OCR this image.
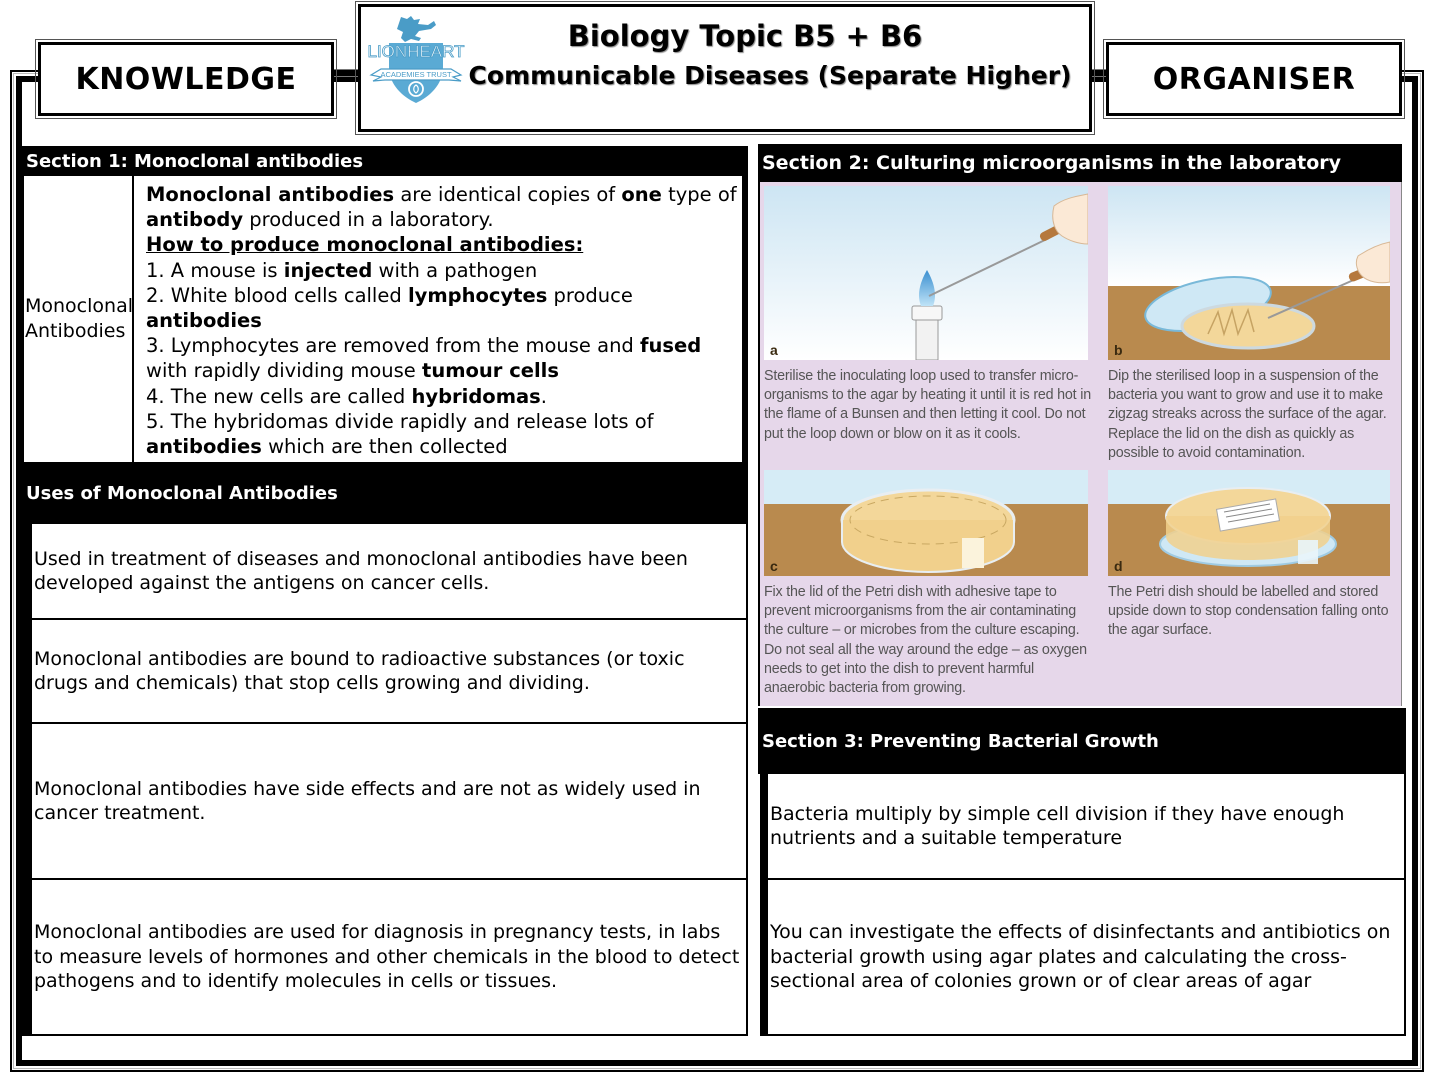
KNOWLEDGE
LIONHEART
ACADEMIES TRUST
Biology Topic B5 + B6
Communicable Diseases (Separate Higher)	ORGANISER
Section 1: Monoclonal antibodies
Monoclonal
Antibodies
Monoclonal antibodies are identical copies of one type of antibody produced in a laboratory.
How to produce monoclonal antibodies:
1. A mouse is injected with a pathogen
2. White blood cells called lymphocytes produce antibodies
3. Lymphocytes are removed from the mouse and fused with rapidly dividing mouse tumour cells
4. The new cells are called hybridomas.
5. The hybridomas divide rapidly and release lots of antibodies which are then collected
Uses of Monoclonal Antibodies
Used in treatment of diseases and monoclonal antibodies have been developed against the antigens on cancer cells.
Monoclonal antibodies are bound to radioactive substances (or toxic drugs and chemicals) that stop cells growing and dividing.
Monoclonal antibodies have side effects and are not as widely used in cancer treatment.
Monoclonal antibodies are used for diagnosis in pregnancy tests, in labs to measure levels of hormones and other chemicals in the blood to detect pathogens and to identify molecules in cells or tissues.
Section 2: Culturing microorganisms in the laboratory
a	b
Sterilise the inoculating loop used to transfer micro-organisms to the agar by heating it until it is red hot in the flame of a Bunsen and then letting it cool. Do not put the loop down or blow on it as it cools.
Dip the sterilised loop in a suspension of the bacteria you want to grow and use it to make zigzag streaks across the surface of the agar. Replace the lid on the dish as quickly as possible to avoid contamination.
c	d
Fix the lid of the Petri dish with adhesive tape to prevent microorganisms from the air contaminating the culture – or microbes from the culture escaping. Do not seal all the way around the edge – as oxygen needs to get into the dish to prevent harmful anaerobic bacteria from growing.
The Petri dish should be labelled and stored upside down to stop condensation falling onto the agar surface.
Section 3: Preventing Bacterial Growth
Bacteria multiply by simple cell division if they have enough nutrients and a suitable temperature
You can investigate the effects of disinfectants and antibiotics on bacterial growth using agar plates and calculating the cross-sectional area of colonies grown or of clear areas of agar
